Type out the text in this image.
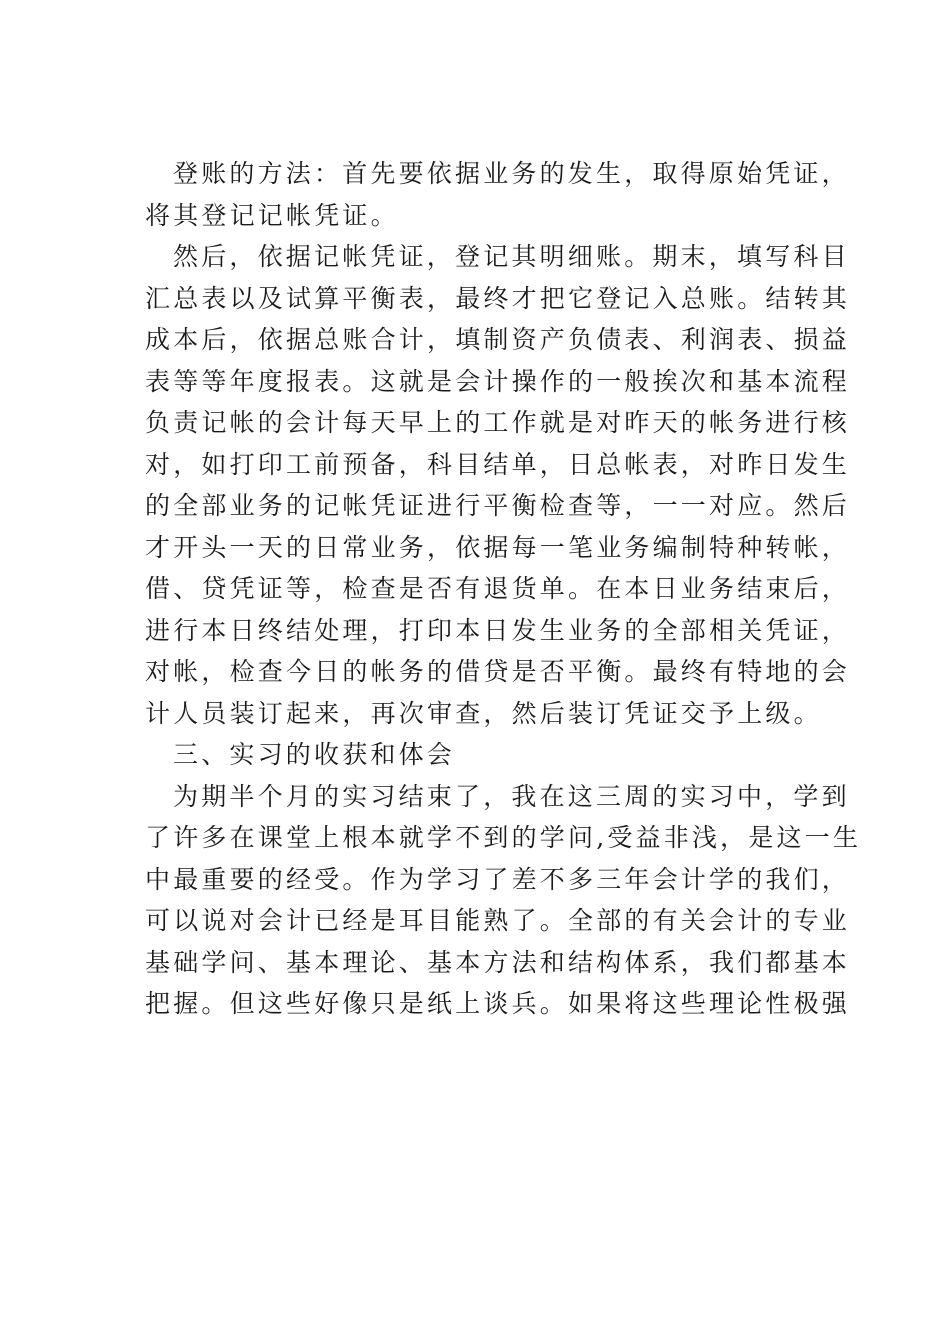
登账的方法：首先要依据业务的发生，取得原始凭证，
将其登记记帐凭证。
然后，依据记帐凭证，登记其明细账。期末，填写科目
汇总表以及试算平衡表，最终才把它登记入总账。结转其
成本后，依据总账合计，填制资产负债表、利润表、损益
表等等年度报表。这就是会计操作的一般挨次和基本流程
负责记帐的会计每天早上的工作就是对昨天的帐务进行核
对，如打印工前预备，科目结单，日总帐表，对昨日发生
的全部业务的记帐凭证进行平衡检查等，一一对应。然后
才开头一天的日常业务，依据每一笔业务编制特种转帐，
借、贷凭证等，检查是否有退货单。在本日业务结束后，
进行本日终结处理，打印本日发生业务的全部相关凭证，
对帐，检查今日的帐务的借贷是否平衡。最终有特地的会
计人员装订起来，再次审查，然后装订凭证交予上级。
三、实习的收获和体会
为期半个月的实习结束了，我在这三周的实习中，学到
了许多在课堂上根本就学不到的学问,受益非浅，是这一生
中最重要的经受。作为学习了差不多三年会计学的我们，
可以说对会计已经是耳目能熟了。全部的有关会计的专业
基础学问、基本理论、基本方法和结构体系，我们都基本
把握。但这些好像只是纸上谈兵。如果将这些理论性极强
